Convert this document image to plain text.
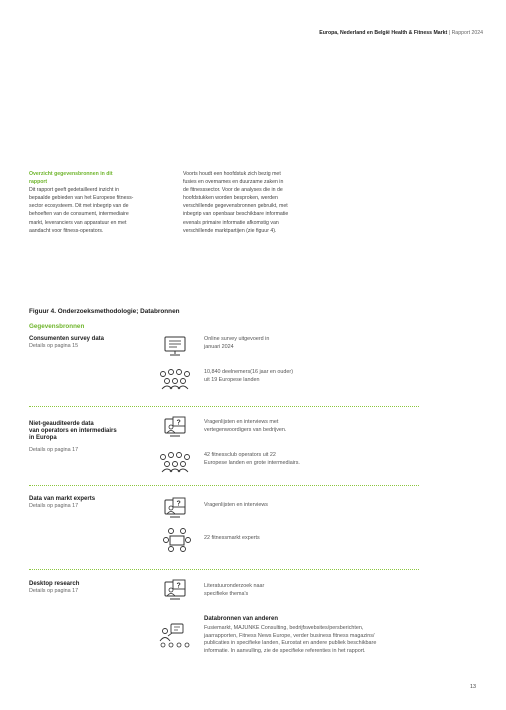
Europa, Nederland en België Health & Fitness Markt | Rapport 2024
Overzicht gegevensbronnen in dit
rapport
Dit rapport geeft gedetailleerd inzicht in
bepaalde gebieden van het Europese fitness-
sector ecosysteem. Dit met inbegrip van de
behoeften van de consument, intermediaire
markt, leveranciers van apparatuur en met
aandacht voor fitness-operators.
Voorts houdt een hoofdstuk zich bezig met
fusies en overnames en duurzame zaken in
de fitnesssector. Voor de analyses die in de
hoofdstukken worden besproken, werden
verschillende gegevensbronnen gebruikt, met
inbegrip van openbaar beschikbare informatie
evenals primaire informatie afkomstig van
verschillende marktpartijen (zie figuur 4).
Figuur 4. Onderzoeksmethodologie; Databronnen
Gegevensbronnen
Consumenten survey data
Details op pagina 15
Online survey uitgevoerd in
januari 2024
10,840 deelnemers(16 jaar en ouder)
uit 19 Europese landen
Niet-geauditeerde data
van operators en intermediairs
in Europa
Details op pagina 17
?	Vragenlijsten en interviews met
vertegenwoordigers van bedrijven.
42 fitnessclub operators uit 22
Europese landen en grote intermediairs.
Data van markt experts
Details op pagina 17	?	Vragenlijsten en interviews
22 fitnessmarkt experts
Desktop research
Details op pagina 17
?	Literatuuronderzoek naar
specifieke thema's
Databronnen van anderen
Fusiemarkt, MAJUNKE Consulting, bedrijfswebsites/persberichten,
jaarrapporten, Fitness News Europe, verder business fitness magazins/
publicaties in specifieke landen, Eurostat en andere publiek beschikbare
informatie. In aanvulling, zie de specifieke referenties in het rapport.
13
